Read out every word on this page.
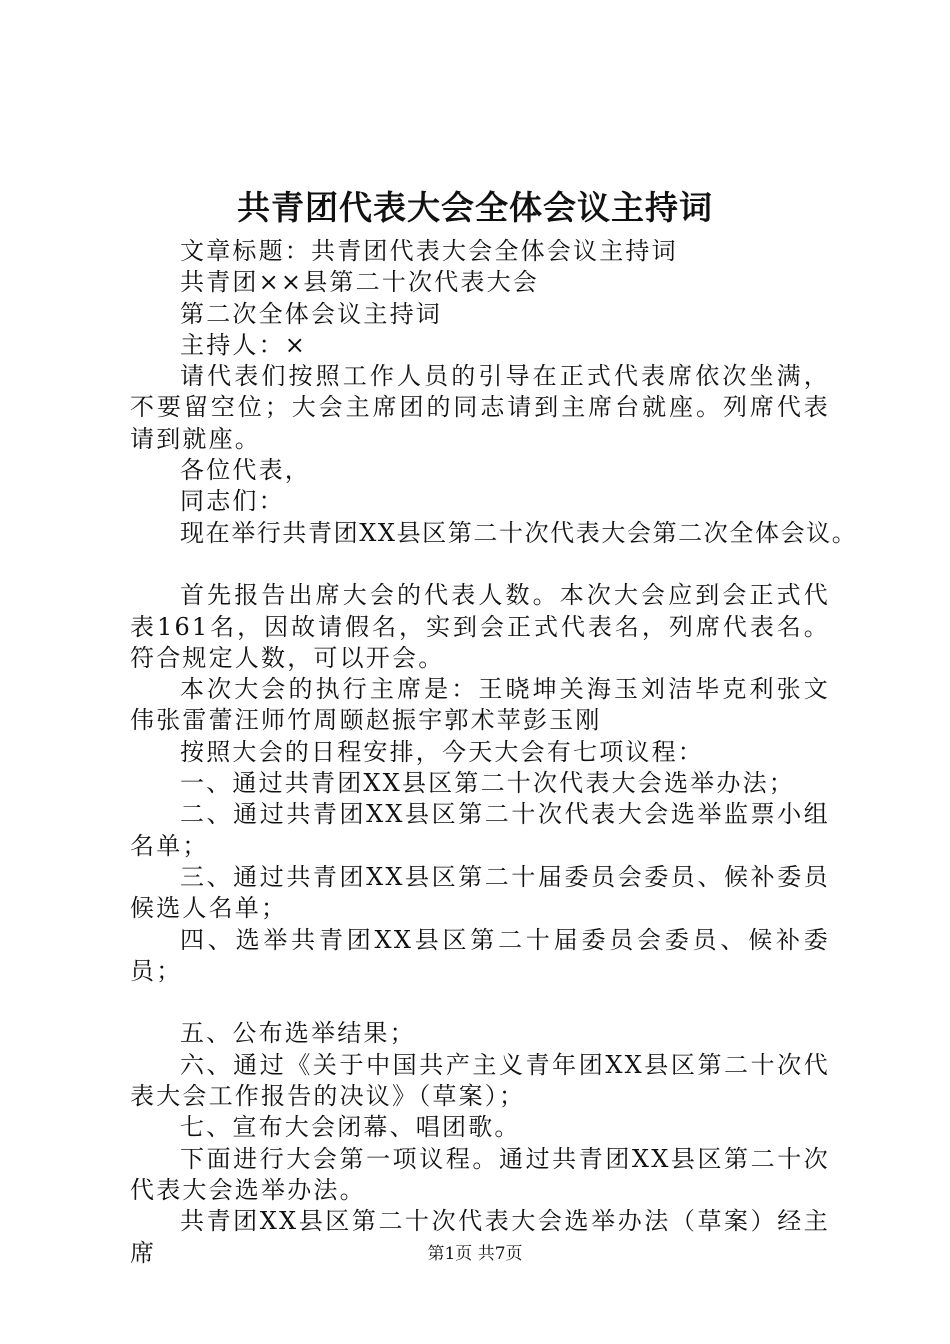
共青团代表大会全体会议主持词

文章标题：共青团代表大会全体会议主持词

共青团××县第二十次代表大会

第二次全体会议主持词

主持人：×

请代表们按照工作人员的引导在正式代表席依次坐满，不要留空位；大会主席团的同志请到主席台就座。列席代表请到就座。

各位代表，

同志们：

现在举行共青团XX县区第二十次代表大会第二次全体会议。

首先报告出席大会的代表人数。本次大会应到会正式代表161名，因故请假名，实到会正式代表名，列席代表名。符合规定人数，可以开会。

本次大会的执行主席是：王晓坤关海玉刘洁毕克利张文伟张雷蕾汪师竹周颐赵振宇郭术苹彭玉刚

按照大会的日程安排，今天大会有七项议程：

一、通过共青团XX县区第二十次代表大会选举办法；

二、通过共青团XX县区第二十次代表大会选举监票小组名单；

三、通过共青团XX县区第二十届委员会委员、候补委员候选人名单；

四、选举共青团XX县区第二十届委员会委员、候补委员；

五、公布选举结果；

六、通过《关于中国共产主义青年团XX县区第二十次代表大会工作报告的决议》（草案）；

七、宣布大会闭幕、唱团歌。

下面进行大会第一项议程。通过共青团XX县区第二十次代表大会选举办法。

共青团XX县区第二十次代表大会选举办法（草案）经主席	第1页 共7页
